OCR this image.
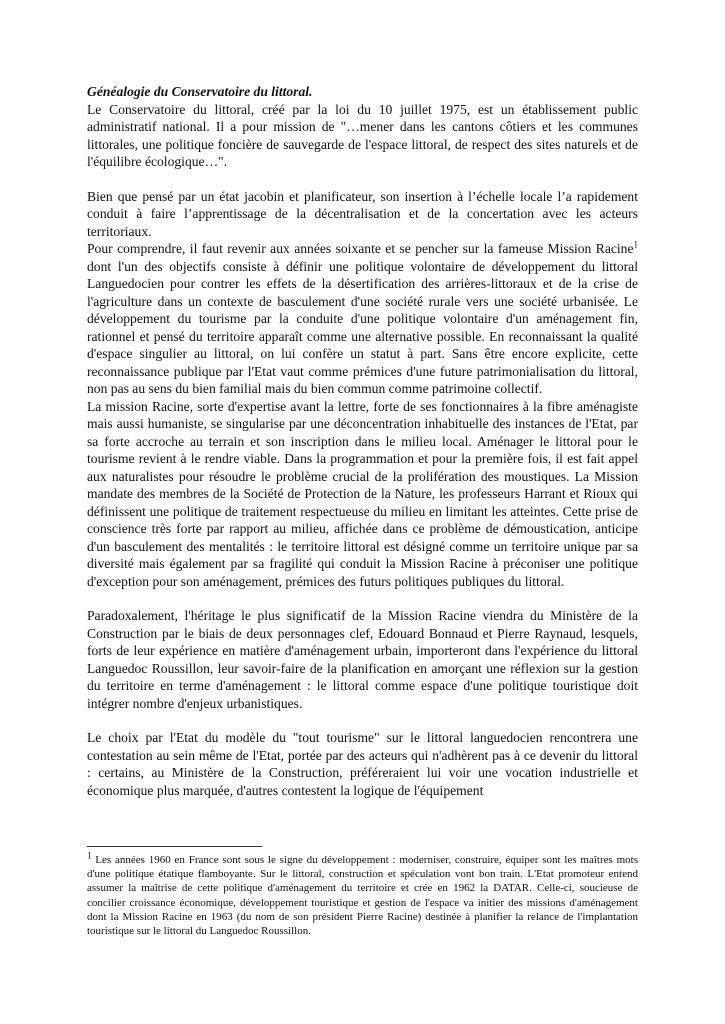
Généalogie du Conservatoire du littoral.

Le Conservatoire du littoral, créé par la loi du 10 juillet 1975, est un établissement public administratif national. Il a pour mission de "…mener dans les cantons côtiers et les communes littorales, une politique foncière de sauvegarde de l'espace littoral, de respect des sites naturels et de l'équilibre écologique…".

Bien que pensé par un état jacobin et planificateur, son insertion à l’échelle locale l’a rapidement conduit à faire l’apprentissage de la décentralisation et de la concertation avec les acteurs territoriaux.

Pour comprendre, il faut revenir aux années soixante et se pencher sur la fameuse Mission Racine$^1$ dont l'un des objectifs consiste à définir une politique volontaire de développement du littoral Languedocien pour contrer les effets de la désertification des arrières-littoraux et de la crise de l'agriculture dans un contexte de basculement d'une société rurale vers une société urbanisée. Le développement du tourisme par la conduite d'une politique volontaire d'un aménagement fin, rationnel et pensé du territoire apparaît comme une alternative possible. En reconnaissant la qualité d'espace singulier au littoral, on lui confère un statut à part. Sans être encore explicite, cette reconnaissance publique par l'Etat vaut comme prémices d'une future patrimonialisation du littoral, non pas au sens du bien familial mais du bien commun comme patrimoine collectif.

La mission Racine, sorte d'expertise avant la lettre, forte de ses fonctionnaires à la fibre aménagiste mais aussi humaniste, se singularise par une déconcentration inhabituelle des instances de l'Etat, par sa forte accroche au terrain et son inscription dans le milieu local. Aménager le littoral pour le tourisme revient à le rendre viable. Dans la programmation et pour la première fois, il est fait appel aux naturalistes pour résoudre le problème crucial de la prolifération des moustiques. La Mission mandate des membres de la Société de Protection de la Nature, les professeurs Harrant et Rioux qui définissent une politique de traitement respectueuse du milieu en limitant les atteintes. Cette prise de conscience très forte par rapport au milieu, affichée dans ce problème de démoustication, anticipe d'un basculement des mentalités : le territoire littoral est désigné comme un territoire unique par sa diversité mais également par sa fragilité qui conduit la Mission Racine à préconiser une politique d'exception pour son aménagement, prémices des futurs politiques publiques du littoral.

Paradoxalement, l'héritage le plus significatif de la Mission Racine viendra du Ministère de la Construction par le biais de deux personnages clef, Edouard Bonnaud et Pierre Raynaud, lesquels, forts de leur expérience en matière d'aménagement urbain, importeront dans l'expérience du littoral Languedoc Roussillon, leur savoir-faire de la planification en amorçant une réflexion sur la gestion du territoire en terme d'aménagement : le littoral comme espace d'une politique touristique doit intégrer nombre d'enjeux urbanistiques.

Le choix par l'Etat du modèle du "tout tourisme" sur le littoral languedocien rencontrera une contestation au sein même de l'Etat, portée par des acteurs qui n'adhèrent pas à ce devenir du littoral : certains, au Ministère de la Construction, préféreraient lui voir une vocation industrielle et économique plus marquée, d'autres contestent la logique de l'équipement

$^1$ Les années 1960 en France sont sous le signe du développement : moderniser, construire, équiper sont les maîtres mots d'une politique étatique flamboyante. Sur le littoral, construction et spéculation vont bon train. L'Etat promoteur entend assumer la maîtrise de cette politique d'aménagement du territoire et crée en 1962 la DATAR. Celle-ci, soucieuse de concilier croissance économique, développement touristique et gestion de l'espace va initier des missions d'aménagement dont la Mission Racine en 1963 (du nom de son président Pierre Racine) destinée à planifier la relance de l'implantation touristique sur le littoral du Languedoc Roussillon.
